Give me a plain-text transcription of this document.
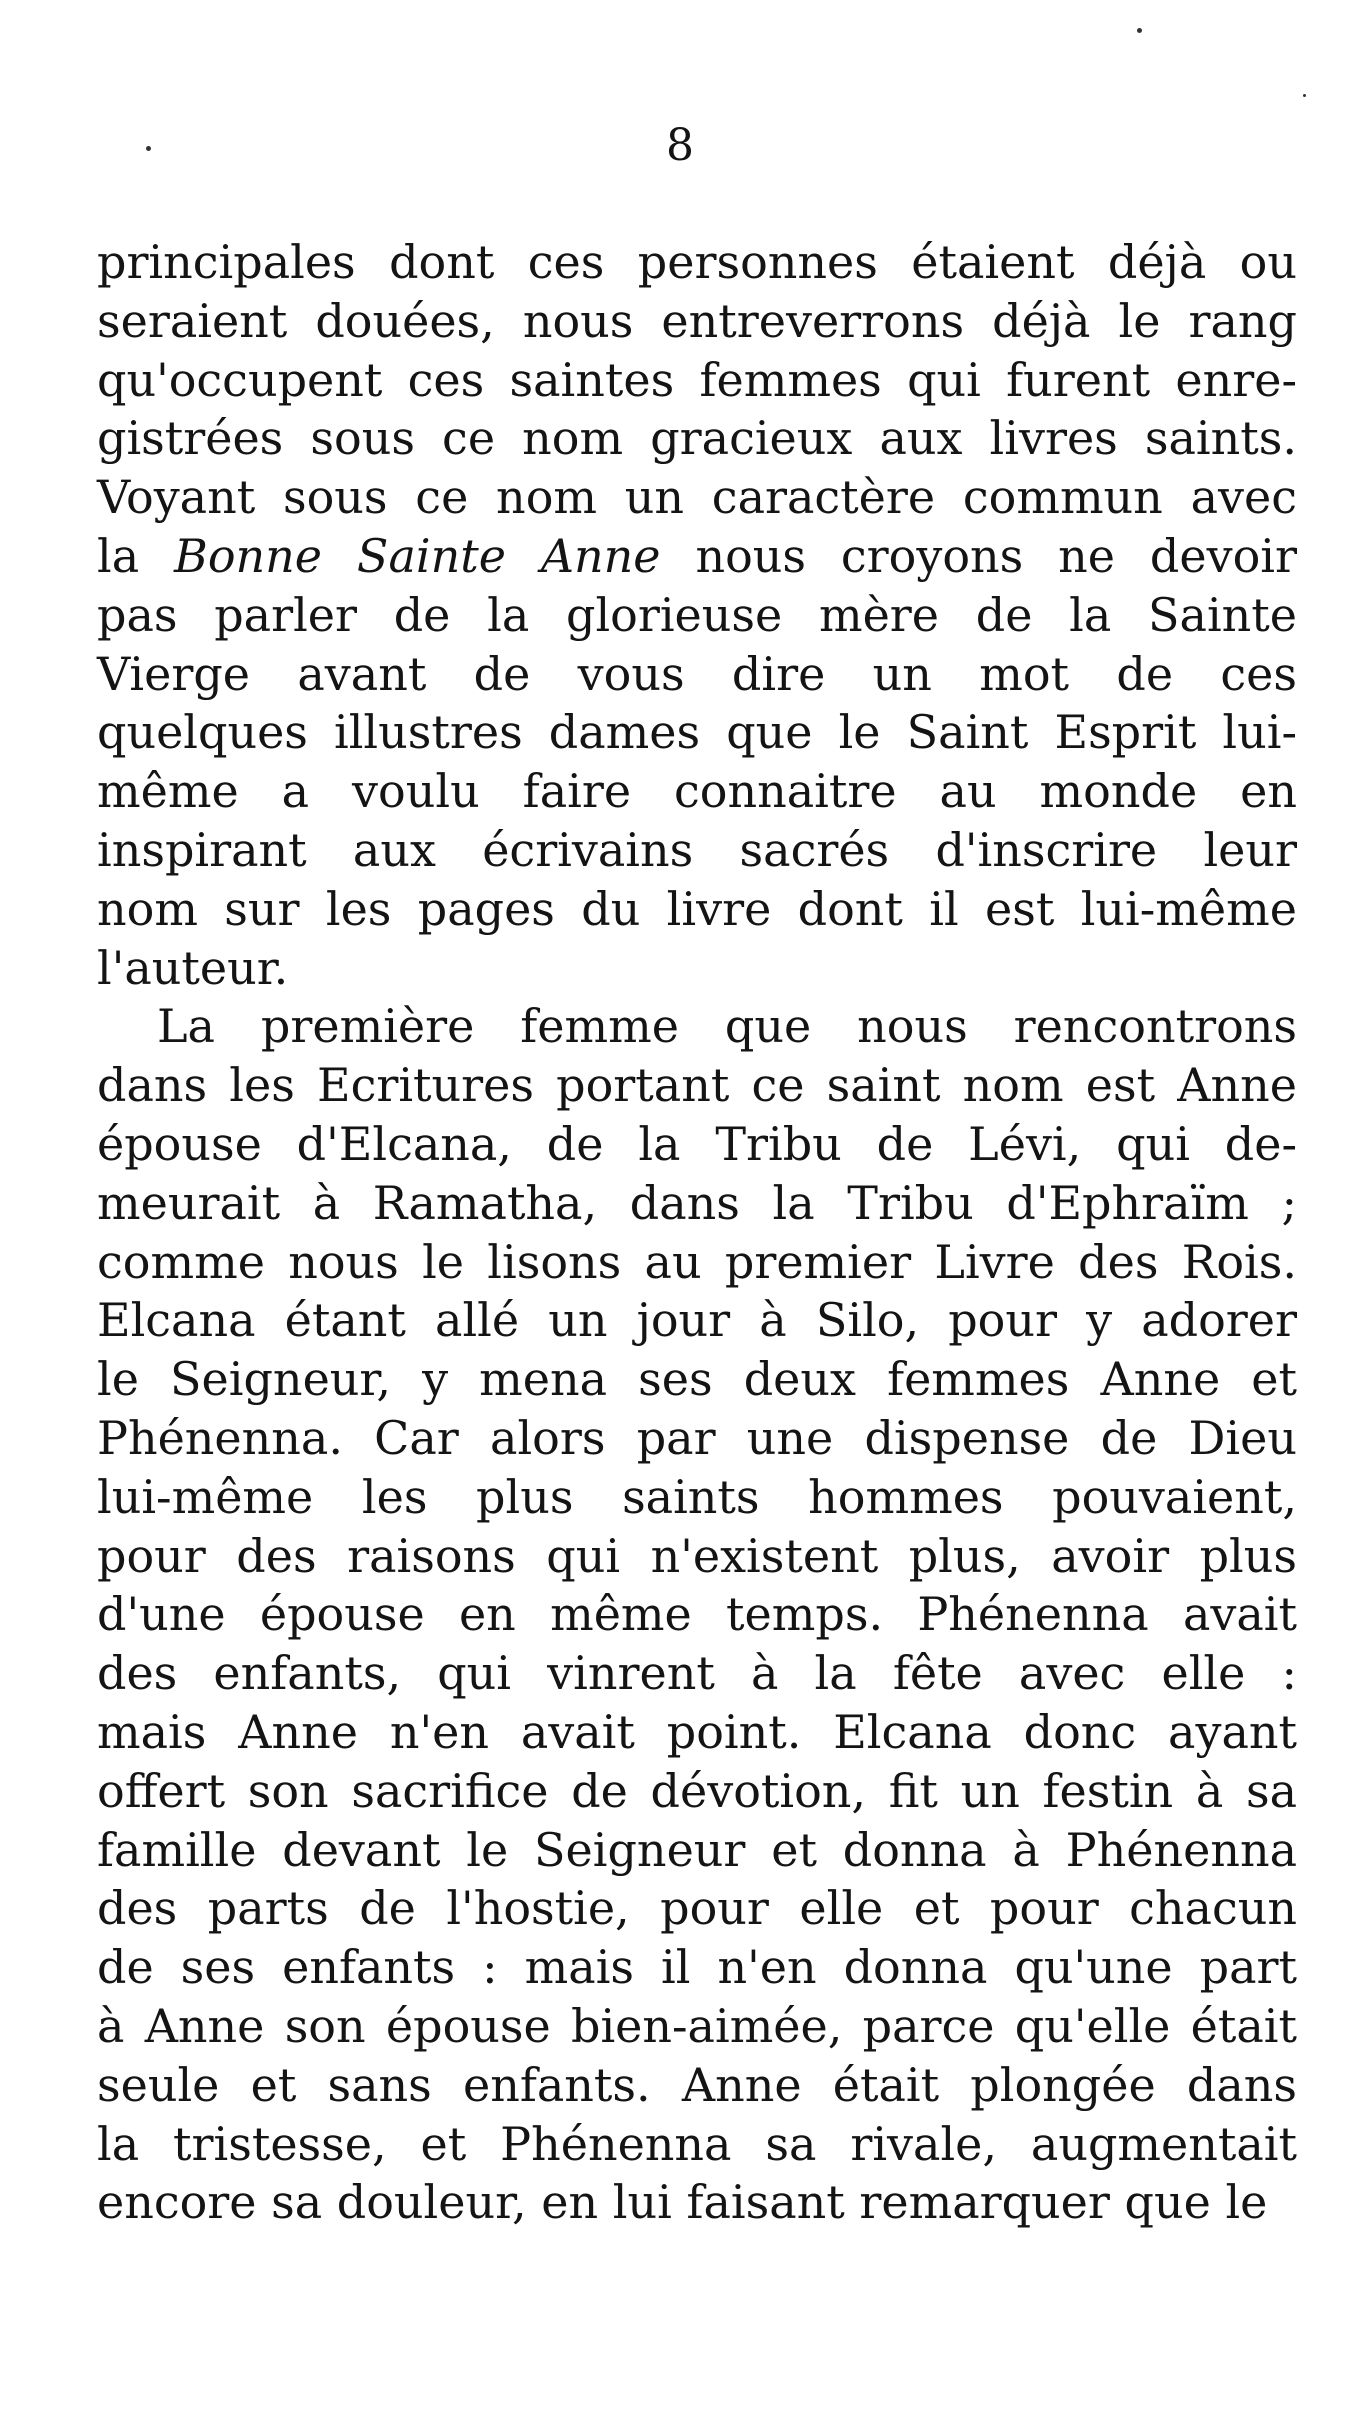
8
principales dont ces personnes étaient déjà ou
seraient douées, nous entreverrons déjà le rang
qu'occupent ces saintes femmes qui furent enre-
gistrées sous ce nom gracieux aux livres saints.
Voyant sous ce nom un caractère commun avec
la Bonne Sainte Anne nous croyons ne devoir
pas parler de la glorieuse mère de la Sainte
Vierge avant de vous dire un mot de ces
quelques illustres dames que le Saint Esprit lui-
même a voulu faire connaitre au monde en
inspirant aux écrivains sacrés d'inscrire leur
nom sur les pages du livre dont il est lui-même
l'auteur.
La première femme que nous rencontrons
dans les Ecritures portant ce saint nom est Anne
épouse d'Elcana, de la Tribu de Lévi, qui de-
meurait à Ramatha, dans la Tribu d'Ephraïm ;
comme nous le lisons au premier Livre des Rois.
Elcana étant allé un jour à Silo, pour y adorer
le Seigneur, y mena ses deux femmes Anne et
Phénenna. Car alors par une dispense de Dieu
lui-même les plus saints hommes pouvaient,
pour des raisons qui n'existent plus, avoir plus
d'une épouse en même temps. Phénenna avait
des enfants, qui vinrent à la fête avec elle :
mais Anne n'en avait point. Elcana donc ayant
offert son sacrifice de dévotion, fit un festin à sa
famille devant le Seigneur et donna à Phénenna
des parts de l'hostie, pour elle et pour chacun
de ses enfants : mais il n'en donna qu'une part
à Anne son épouse bien-aimée, parce qu'elle était
seule et sans enfants. Anne était plongée dans
la tristesse, et Phénenna sa rivale, augmentait
encore sa douleur, en lui faisant remarquer que le
